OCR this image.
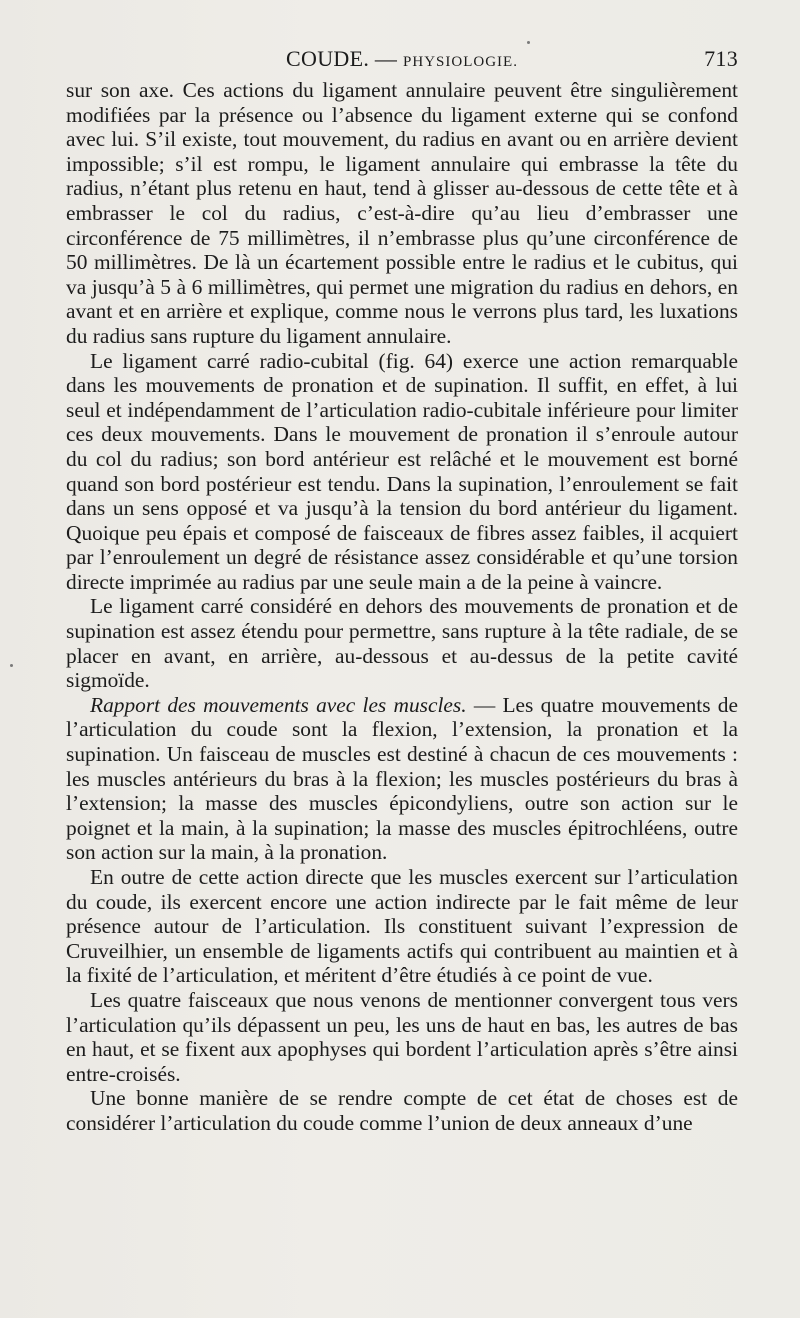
COUDE. — PHYSIOLOGIE.	713

sur son axe. Ces actions du ligament annulaire peuvent être singulièrement modifiées par la présence ou l’absence du ligament externe qui se confond avec lui. S’il existe, tout mouvement, du radius en avant ou en arrière devient impossible; s’il est rompu, le ligament annulaire qui embrasse la tête du radius, n’étant plus retenu en haut, tend à glisser au-dessous de cette tête et à embrasser le col du radius, c’est-à-dire qu’au lieu d’embrasser une circonférence de 75 millimètres, il n’embrasse plus qu’une circonférence de 50 millimètres. De là un écartement possible entre le radius et le cubitus, qui va jusqu’à 5 à 6 millimètres, qui permet une migration du radius en dehors, en avant et en arrière et explique, comme nous le verrons plus tard, les luxations du radius sans rupture du ligament annulaire.

Le ligament carré radio-cubital (fig. 64) exerce une action remarquable dans les mouvements de pronation et de supination. Il suffit, en effet, à lui seul et indépendamment de l’articulation radio-cubitale inférieure pour limiter ces deux mouvements. Dans le mouvement de pronation il s’enroule autour du col du radius; son bord antérieur est relâché et le mouvement est borné quand son bord postérieur est tendu. Dans la supination, l’enroulement se fait dans un sens opposé et va jusqu’à la tension du bord antérieur du ligament. Quoique peu épais et composé de faisceaux de fibres assez faibles, il acquiert par l’enroulement un degré de résistance assez considérable et qu’une torsion directe imprimée au radius par une seule main a de la peine à vaincre.

Le ligament carré considéré en dehors des mouvements de pronation et de supination est assez étendu pour permettre, sans rupture à la tête radiale, de se placer en avant, en arrière, au-dessous et au-dessus de la petite cavité sigmoïde.

Rapport des mouvements avec les muscles. — Les quatre mouvements de l’articulation du coude sont la flexion, l’extension, la pronation et la supination. Un faisceau de muscles est destiné à chacun de ces mouvements : les muscles antérieurs du bras à la flexion; les muscles postérieurs du bras à l’extension; la masse des muscles épicondyliens, outre son action sur le poignet et la main, à la supination; la masse des muscles épitrochléens, outre son action sur la main, à la pronation.

En outre de cette action directe que les muscles exercent sur l’articulation du coude, ils exercent encore une action indirecte par le fait même de leur présence autour de l’articulation. Ils constituent suivant l’expression de Cruveilhier, un ensemble de ligaments actifs qui contribuent au maintien et à la fixité de l’articulation, et méritent d’être étudiés à ce point de vue.

Les quatre faisceaux que nous venons de mentionner convergent tous vers l’articulation qu’ils dépassent un peu, les uns de haut en bas, les autres de bas en haut, et se fixent aux apophyses qui bordent l’articulation après s’être ainsi entre-croisés.

Une bonne manière de se rendre compte de cet état de choses est de considérer l’articulation du coude comme l’union de deux anneaux d’une
